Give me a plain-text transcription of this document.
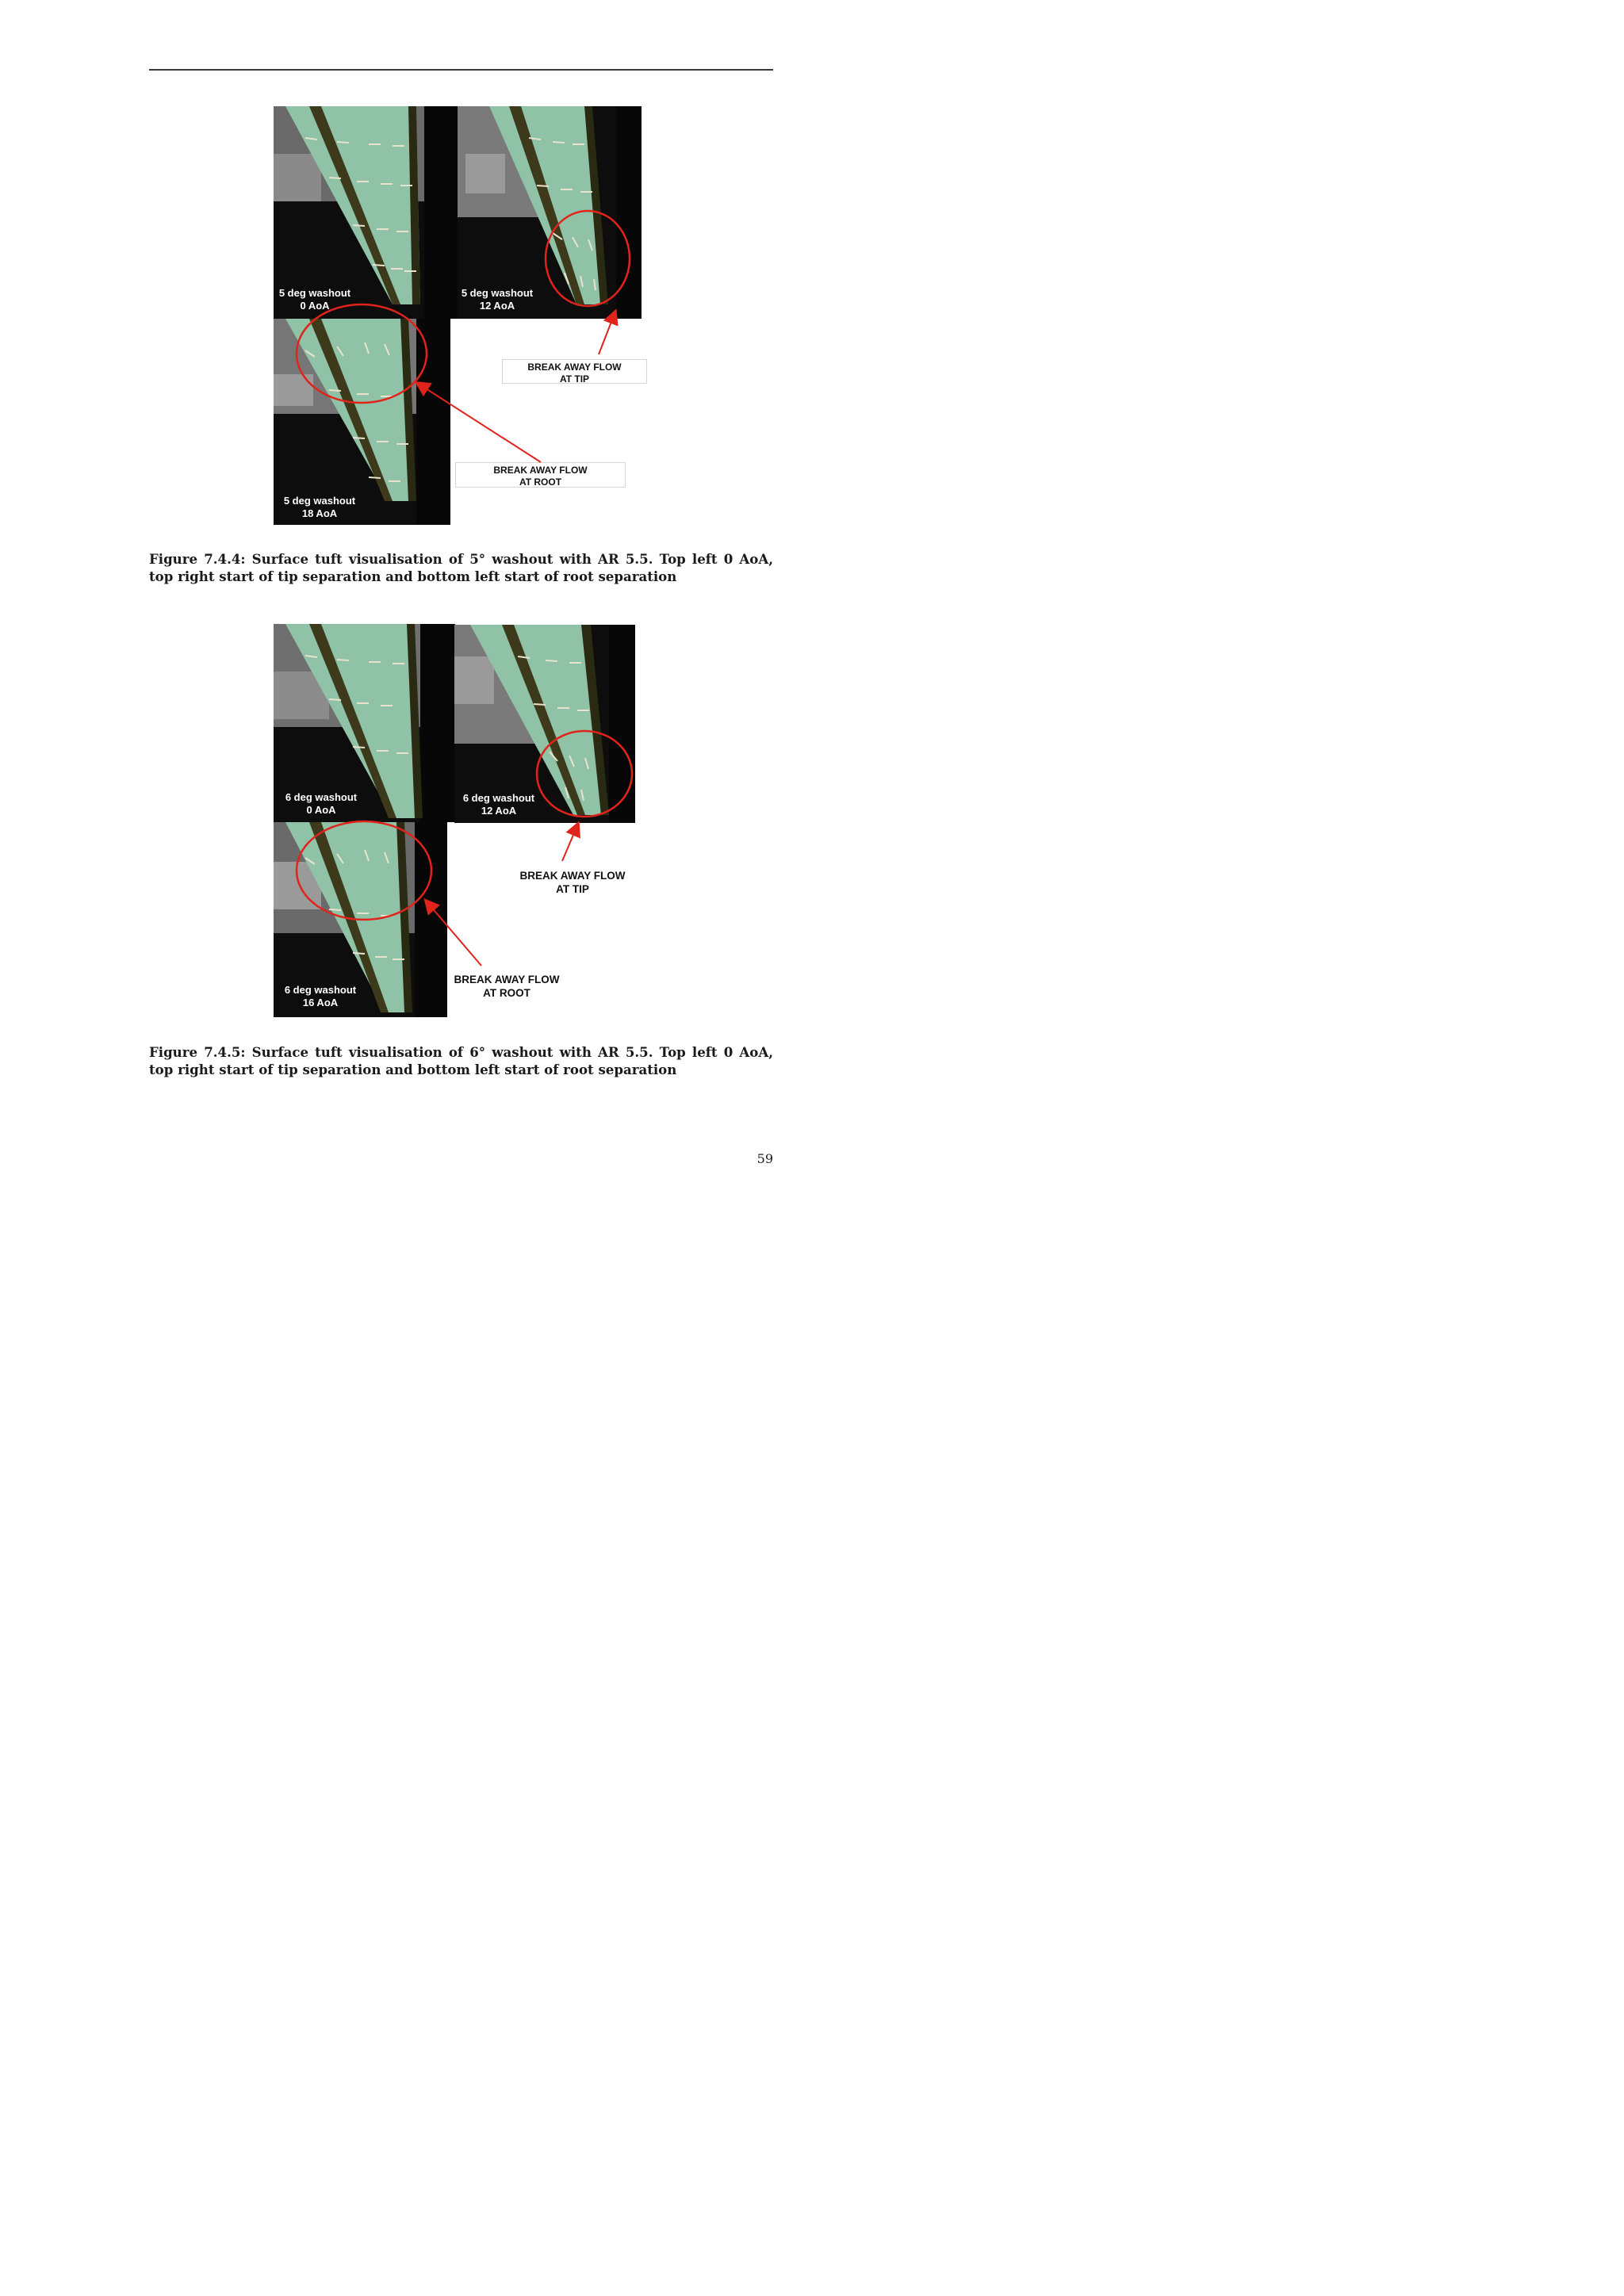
5 deg washout
0 AoA
5 deg washout
12 AoA
5 deg washout
18 AoA
BREAK AWAY FLOW
AT TIP
BREAK AWAY FLOW
AT ROOT
Figure 7.4.4: Surface tuft visualisation of 5° washout with AR 5.5. Top left 0 AoA, top right start of tip separation and bottom left start of root separation
6 deg washout
0 AoA
6 deg washout
12 AoA
6 deg washout
16 AoA
BREAK AWAY FLOW
AT TIP
BREAK AWAY FLOW
AT ROOT
Figure 7.4.5: Surface tuft visualisation of 6° washout with AR 5.5. Top left 0 AoA, top right start of tip separation and bottom left start of root separation
59
